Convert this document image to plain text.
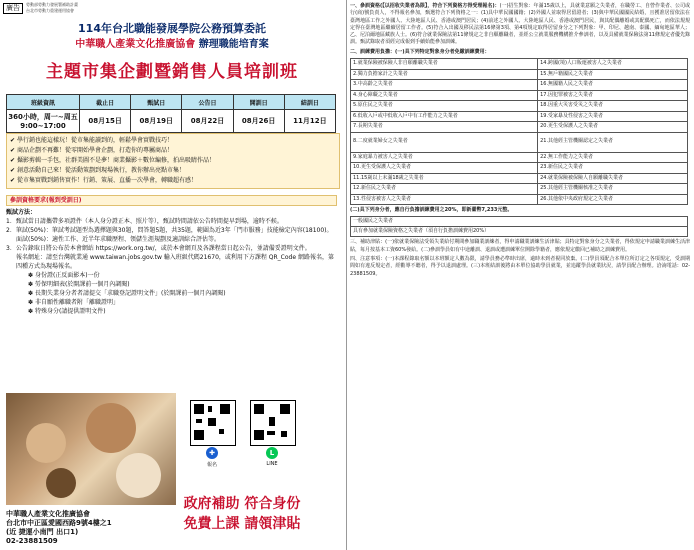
廣告	勞動部勞動力發展署補助計畫
台北市勞動力重建運用協會
114年台北職能發展學院公務預算委託
中華職人產業文化推廣協會 辦理職能培育案
主題市集企劃暨銷售人員培訓班
班級資訊	截止日	甄試日	公告日	開訓日	結訓日

360小時，周一~周五
9:00~17:00	08月15日	08月19日	08月22日	08月26日	11月12日
✔ 學行銷也能這樣玩！從市集能讀到的，輕鬆學會實戰技巧！
✔ 商品企劃不再難！從零開始學會企劃，打造你的專屬商品！
✔ 攝影剪輯一手包，社群美圖不是夢！商業攝影＋數位編修，拍出吸睛作品！
✔ 創意活動自己來！從活動策劃到現場執行，教你辦出亮點市集！
✔ 從市集實戰到銷售實作！行銷、策展、直播一次學會，轉職超有感！
參訓資格要求(報到受訓日)
甄試方法：
1．甄試當日請攜帶多項證件（本人身分證正本、照片等），甄試時間請依公告時間提早到場，逾時不候。
2．筆試(50%)：筆試考試題型為選擇題與30題，問答題5題，共35題，範圍為近3年「門市服務」技能檢定內容(18100)。
面試(50%)：適性工作、近半年求職歷程、領儲生涯規劃及適訓綜合評估等。
3．公告錄取日將公布於本會網站 https://work.org.tw/，或於本會網頁及各課程當日起公告，並請備妥證明文件。
報名網址：請至台灣就業通 www.taiwan.jobs.gov.tw 輸入班級代碼21670，或利用下方課程 QR_Code 網路報名，第四種方式為現場報名。
✽ 身份證(正反面影本)一份
✽ 勞保明細表(於開課前一個月內調閱)
✽ 長期失業身分者者請提交「求職登記證明文件」(於開課前一個月內調閱)
✽ 非自願性離職者附「離職證明」
✽ 特殊身分(請提供證明文件)
✚	L
報名	LINE
政府補助 符合身份
免費上課 請領津貼
中華職人產業文化推廣協會
台北市中正區愛國西路9號4樓之1
(近 捷運小南門 出口1)
02-23881509

一、參訓資格(【以招收失業者為限】，符合下列資格方得受理報名)：(一)招生對象：年滿15歲以上，具就業意願之失業者，在職勞工、自營作業者、公司或行(商)號負責人，不得報名參加，甄選符合下列資格之一：(1)具中華民國國籍；(2)外國人並取得居留證者；(3)與中華民國國民結婚，且獲准居留依法在臺灣地區工作之外國人、大陸地區人民、香港或澳門居民；(4)前述之外國人、大陸地區人民、香港或澳門居民，與其配偶離婚或其配偶死亡，而依法規規定得在臺灣地區繼續居留工作者。(5)符合入出國及移民法第16條第3項、第4項規定取得居留身分之下列對象：甲、印尼、越南、泰國、緬甸地區華人；乙、尼泊爾地區藏族人士。(6)符合就業保險法第11條規定之非自願離職者，並經公立就業服務機構推介參訓者，以及具備就業保險法第11條規定者優先錄訓。甄試錄取者須經完成報到手續始能參加訓練。

二、訓練費用負擔：(一)具下列特定對象身分者免繳訓練費用：

1.就業保險被保險人非自願離職失業者	14.跨國(境)人口販運被害人之失業者
2.獨力負擔家計之失業者	15.無戶籍國民之失業者
3.中高齡之失業者	16.無國籍人民之失業者
4.身心障礙之失業者	17.因犯罪被害之失業者
5.原住民之失業者	18.因重大災害受災之失業者
6.低收入戶或中低收入戶中有工作能力之失業者	19.受家暴及性侵害之失業者
7.長期失業者	20.更生受保護人之失業者
8.二度就業婦女之失業者	21.其他經主管機關認定之失業者
9.家庭暴力被害人之失業者	22.無工作能力之失業者
10.更生受保護人之失業者	23.新住民之失業者
11.15歲以上未滿18歲之失業者	24.就業保險被保險人自願離職失業者
12.新住民之失業者	25.其他經主管機關核准之失業者
13.性侵害被害人之失業者	26.其他依中央政府規定之失業者

(二)具下列身分者，應自行負擔訓練費用之20%，即新臺幣7,233元整。

一般國民之失業者
具有參加就業保險資格之失業者（須自行負擔訓練費用20%）

三、補助津貼：(一)依就業保險法受領失業給付期間參加職業訓練者，得申請職業訓練生活津貼；具特定對象身分之失業者，得依規定申請職業訓練生活津貼，每月按基本工資60%發給。(二)參訓學員如有中途離訓、退訓或遭訓練單位開除學籍者，應依規定繳回已補助之訓練費用。

四、注意事項：(一)本課程錄取名額以本班額定人數為限，請學員務必準時出席，逾時未到者視同放棄。(二)學員須配合本單位所訂定之各項規定，受訓期間如有違反規定者，經勸導不聽者，得予以退訓處理。(三)本班結訓後將由本單位協助學員就業，並追蹤學員就業狀況，請學員配合辦理。洽詢電話：02-23881509。
